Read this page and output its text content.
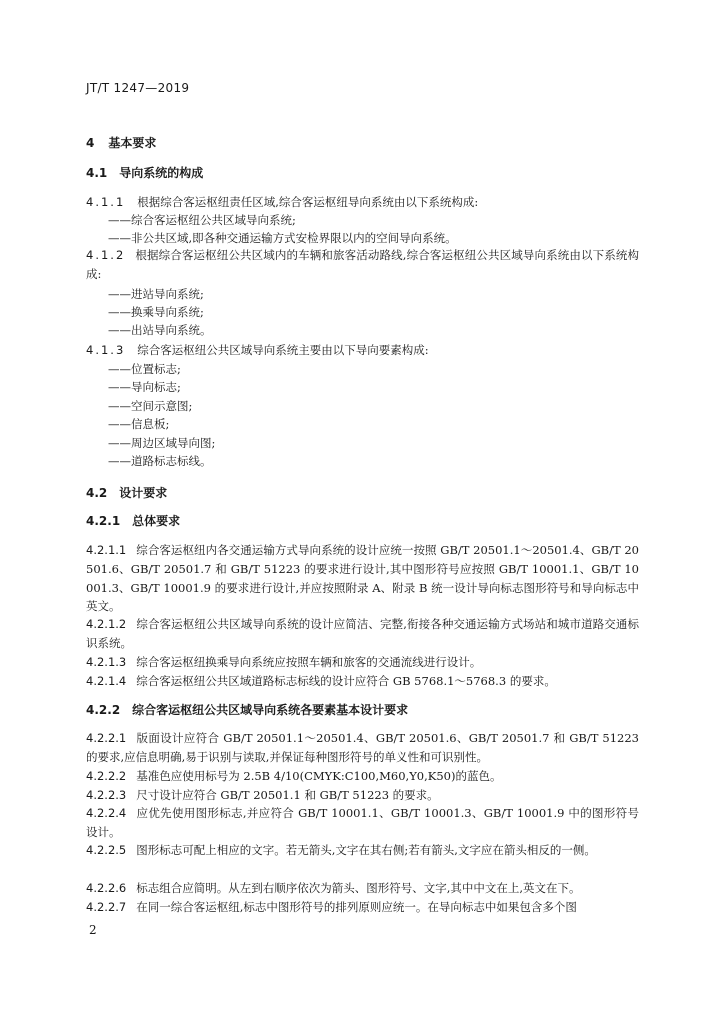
JT/T 1247—2019
4 基本要求
4.1 导向系统的构成
4.1.1 根据综合客运枢纽责任区域,综合客运枢纽导向系统由以下系统构成:
——综合客运枢纽公共区域导向系统;
——非公共区域,即各种交通运输方式安检界限以内的空间导向系统。
4.1.2 根据综合客运枢纽公共区域内的车辆和旅客活动路线,综合客运枢纽公共区域导向系统由以下系统构成:
——进站导向系统;
——换乘导向系统;
——出站导向系统。
4.1.3 综合客运枢纽公共区域导向系统主要由以下导向要素构成:
——位置标志;
——导向标志;
——空间示意图;
——信息板;
——周边区域导向图;
——道路标志标线。
4.2 设计要求
4.2.1 总体要求
4.2.1.1 综合客运枢纽内各交通运输方式导向系统的设计应统一按照 GB/T 20501.1～20501.4、GB/T 20501.6、GB/T 20501.7 和 GB/T 51223 的要求进行设计,其中图形符号应按照 GB/T 10001.1、GB/T 10001.3、GB/T 10001.9 的要求进行设计,并应按照附录 A、附录 B 统一设计导向标志图形符号和导向标志中英文。
4.2.1.2 综合客运枢纽公共区域导向系统的设计应简洁、完整,衔接各种交通运输方式场站和城市道路交通标识系统。
4.2.1.3 综合客运枢纽换乘导向系统应按照车辆和旅客的交通流线进行设计。
4.2.1.4 综合客运枢纽公共区域道路标志标线的设计应符合 GB 5768.1～5768.3 的要求。
4.2.2 综合客运枢纽公共区域导向系统各要素基本设计要求
4.2.2.1 版面设计应符合 GB/T 20501.1～20501.4、GB/T 20501.6、GB/T 20501.7 和 GB/T 51223 的要求,应信息明确,易于识别与读取,并保证每种图形符号的单义性和可识别性。
4.2.2.2 基准色应使用标号为 2.5B 4/10(CMYK:C100,M60,Y0,K50)的蓝色。
4.2.2.3 尺寸设计应符合 GB/T 20501.1 和 GB/T 51223 的要求。
4.2.2.4 应优先使用图形标志,并应符合 GB/T 10001.1、GB/T 10001.3、GB/T 10001.9 中的图形符号设计。
4.2.2.5 图形标志可配上相应的文字。若无箭头,文字在其右侧;若有箭头,文字应在箭头相反的一侧。
4.2.2.6 标志组合应简明。从左到右顺序依次为箭头、图形符号、文字,其中中文在上,英文在下。
4.2.2.7 在同一综合客运枢纽,标志中图形符号的排列原则应统一。在导向标志中如果包含多个图
2
